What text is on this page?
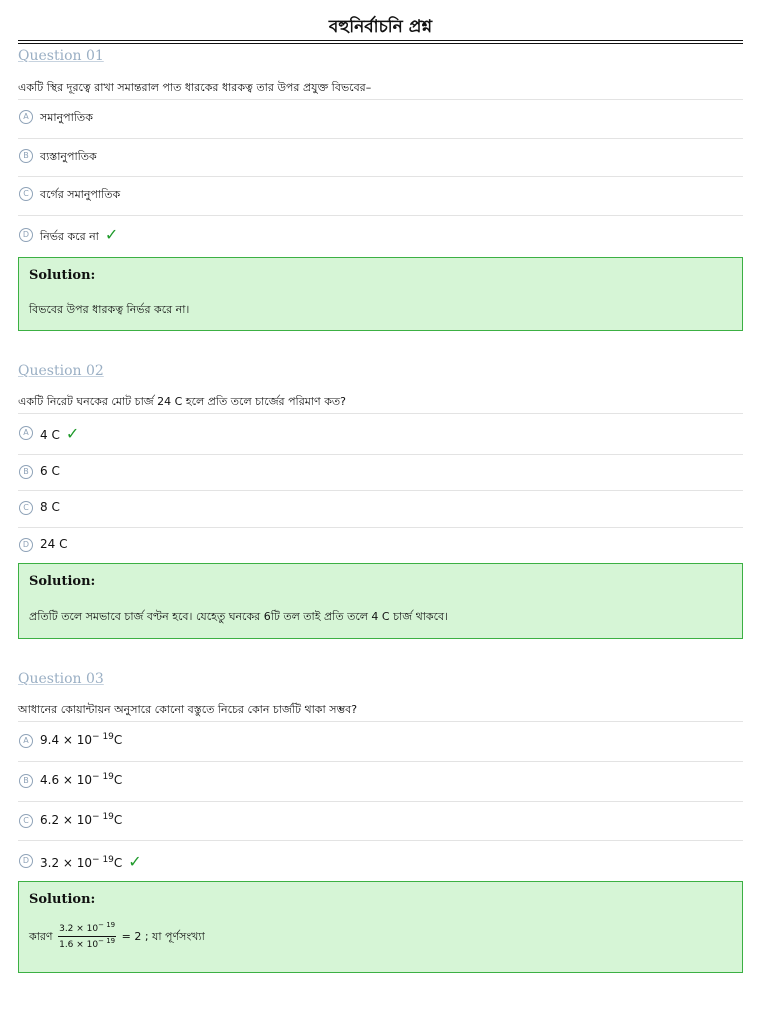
বহুনির্বাচনি প্রশ্ন
Question 01
একটি স্থির দূরত্বে রাখা সমান্তরাল পাত ধারকের ধারকত্ব তার উপর প্রযুক্ত বিভবের–
A	সমানুপাতিক
B	ব্যস্তানুপাতিক
C	বর্গের সমানুপাতিক
D নির্ভর করে না ✓
Solution:
বিভবের উপর ধারকত্ব নির্ভর করে না।
Question 02
একটি নিরেট ঘনকের মোট চার্জ 24 C হলে প্রতি তলে চার্জের পরিমাণ কত?
A 4 C ✓
B 6 C
C 8 C
D 24 C
Solution:
প্রতিটি তলে সমভাবে চার্জ বণ্টন হবে। যেহেতু ঘনকের 6টি তল তাই প্রতি তলে 4 C চার্জ থাকবে।
Question 03
আধানের কোয়ান্টায়ন অনুসারে কোনো বস্তুতে নিচের কোন চার্জটি থাকা সম্ভব?
A $9.4 \times 10^{- 19}C$
B $4.6 \times 10^{- 19}C$
C $6.2 \times 10^{- 19}C$
D $3.2 \times 10^{- 19}C$ ✓
Solution:
কারণ $\frac{3.2 \times 10^{- 19}}{1.6 \times 10^{- 19}} = 2$ ; যা পূর্ণসংখ্যা
